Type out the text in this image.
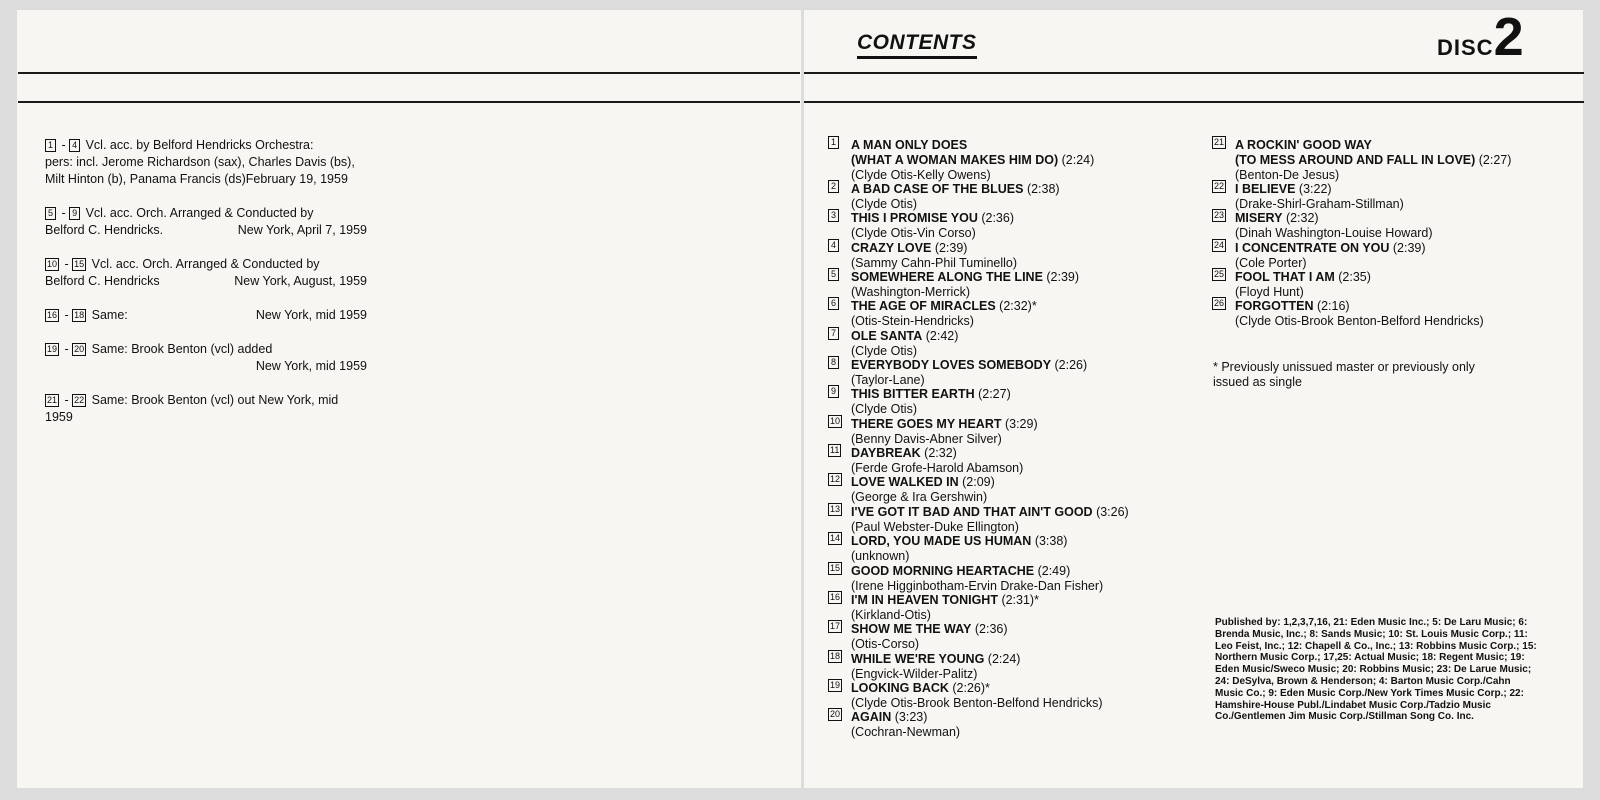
CONTENTS	DISC2
1 - 4 Vcl. acc. by Belford Hendricks Orchestra:
pers: incl. Jerome Richardson (sax), Charles Davis (bs),
Milt Hinton (b), Panama Francis (ds)February 19, 1959
5 - 9 Vcl. acc. Orch. Arranged & Conducted by
Belford C. Hendricks.	New York, April 7, 1959
10 - 15 Vcl. acc. Orch. Arranged & Conducted by
Belford C. Hendricks	New York, August, 1959
16 - 18 Same:	New York, mid 1959
19 - 20 Same: Brook Benton (vcl) added
New York, mid 1959
21 - 22 Same: Brook Benton (vcl) out New York, mid
1959
1 A MAN ONLY DOES
(WHAT A WOMAN MAKES HIM DO) (2:24)
(Clyde Otis-Kelly Owens)
2 A BAD CASE OF THE BLUES (2:38)
(Clyde Otis)
3 THIS I PROMISE YOU (2:36)
(Clyde Otis-Vin Corso)
4 CRAZY LOVE (2:39)
(Sammy Cahn-Phil Tuminello)
5 SOMEWHERE ALONG THE LINE (2:39)
(Washington-Merrick)
6 THE AGE OF MIRACLES (2:32)*
(Otis-Stein-Hendricks)
7 OLE SANTA (2:42)
(Clyde Otis)
8 EVERYBODY LOVES SOMEBODY (2:26)
(Taylor-Lane)
9 THIS BITTER EARTH (2:27)
(Clyde Otis)
10 THERE GOES MY HEART (3:29)
(Benny Davis-Abner Silver)
11 DAYBREAK (2:32)
(Ferde Grofe-Harold Abamson)
12 LOVE WALKED IN (2:09)
(George & Ira Gershwin)
13 I'VE GOT IT BAD AND THAT AIN'T GOOD (3:26)
(Paul Webster-Duke Ellington)
14 LORD, YOU MADE US HUMAN (3:38)
(unknown)
15 GOOD MORNING HEARTACHE (2:49)
(Irene Higginbotham-Ervin Drake-Dan Fisher)
16 I'M IN HEAVEN TONIGHT (2:31)*
(Kirkland-Otis)
17 SHOW ME THE WAY (2:36)
(Otis-Corso)
18 WHILE WE'RE YOUNG (2:24)
(Engvick-Wilder-Palitz)
19 LOOKING BACK (2:26)*
(Clyde Otis-Brook Benton-Belfond Hendricks)
20 AGAIN (3:23)
(Cochran-Newman)
21 A ROCKIN' GOOD WAY
(TO MESS AROUND AND FALL IN LOVE) (2:27)
(Benton-De Jesus)
22 I BELIEVE (3:22)
(Drake-Shirl-Graham-Stillman)
23 MISERY (2:32)
(Dinah Washington-Louise Howard)
24 I CONCENTRATE ON YOU (2:39)
(Cole Porter)
25 FOOL THAT I AM (2:35)
(Floyd Hunt)
26 FORGOTTEN (2:16)
(Clyde Otis-Brook Benton-Belford Hendricks)
* Previously unissued master or previously only issued as single
Published by: 1,2,3,7,16, 21: Eden Music Inc.; 5: De Laru Music; 6: Brenda Music, Inc.; 8: Sands Music; 10: St. Louis Music Corp.; 11: Leo Feist, Inc.; 12: Chapell & Co., Inc.; 13: Robbins Music Corp.; 15: Northern Music Corp.; 17,25: Actual Music; 18: Regent Music; 19: Eden Music/Sweco Music; 20: Robbins Music; 23: De Larue Music; 24: DeSylva, Brown & Henderson; 4: Barton Music Corp./Cahn Music Co.; 9: Eden Music Corp./New York Times Music Corp.; 22: Hamshire-House Publ./Lindabet Music Corp./Tadzio Music Co./Gentlemen Jim Music Corp./Stillman Song Co. Inc.
